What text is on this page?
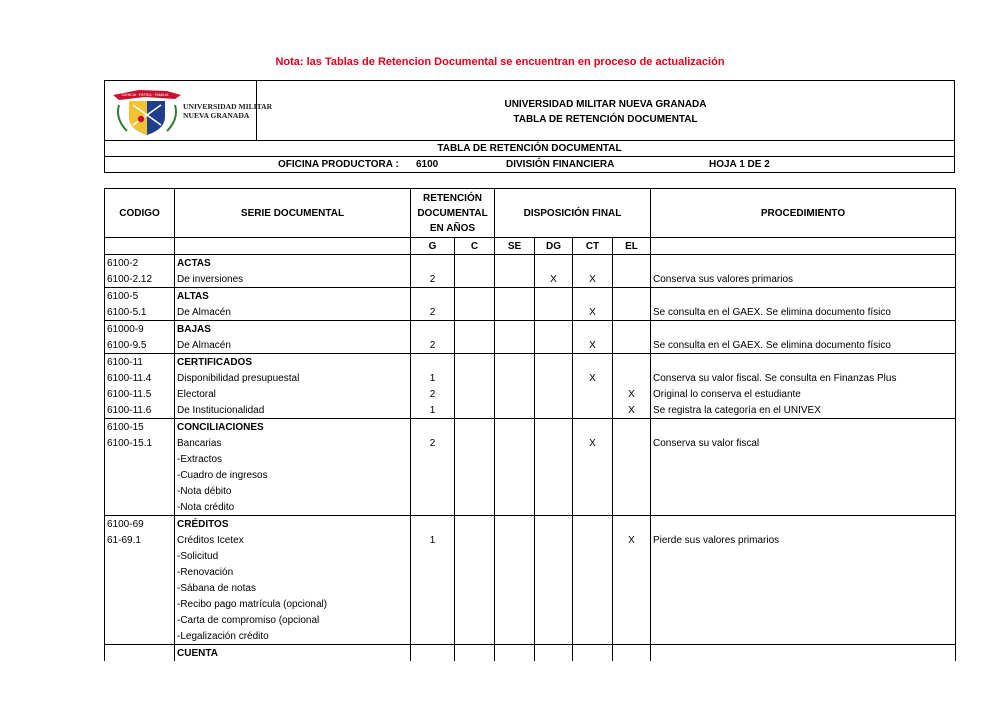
Nota: las Tablas de Retencion Documental se encuentran en proceso de actualización
CIENCIA · PATRIA · FAMILIA
UNIVERSIDAD MILITAR
NUEVA GRANADA
UNIVERSIDAD MILITAR NUEVA GRANADA
TABLA DE RETENCIÓN DOCUMENTAL
TABLA DE RETENCIÓN DOCUMENTAL
OFICINA PRODUCTORA : 6100	DIVISIÓN FINANCIERA	HOJA 1 DE 2
CODIGO	SERIE DOCUMENTAL	RETENCIÓN
DOCUMENTAL
EN AÑOS		DISPOSICIÓN FINAL				PROCEDIMIENTO
		G	C	SE	DG	CT	EL	
6100-2	ACTAS							
6100-2.12	De inversiones	2			X	X		Conserva sus valores primarios
6100-5	ALTAS							
6100-5.1	De Almacén	2				X		Se consulta en el GAEX. Se elimina documento físico
61000-9	BAJAS							
6100-9.5	De Almacén	2				X		Se consulta en el GAEX. Se elimina documento físico
6100-11	CERTIFICADOS							
6100-11.4	Disponibilidad presupuestal	1				X		Conserva su valor fiscal. Se consulta en Finanzas Plus
6100-11.5	Electoral	2					X	Original lo conserva el estudiante
6100-11.6	De Institucionalidad	1					X	Se registra la categoría en el UNIVEX
6100-15	CONCILIACIONES							
6100-15.1	Bancarias	2				X		Conserva su valor fiscal
	-Extractos							
	-Cuadro de ingresos							
	-Nota débito							
	-Nota crédito							
6100-69	CRÉDITOS							
61-69.1	Créditos Icetex	1					X	Pierde sus valores primarios
	-Solicitud							
	-Renovación							
	-Sábana de notas							
	-Recibo pago matrícula (opcional)							
	-Carta de compromiso (opcional							
	-Legalización crédito							
	CUENTA							
